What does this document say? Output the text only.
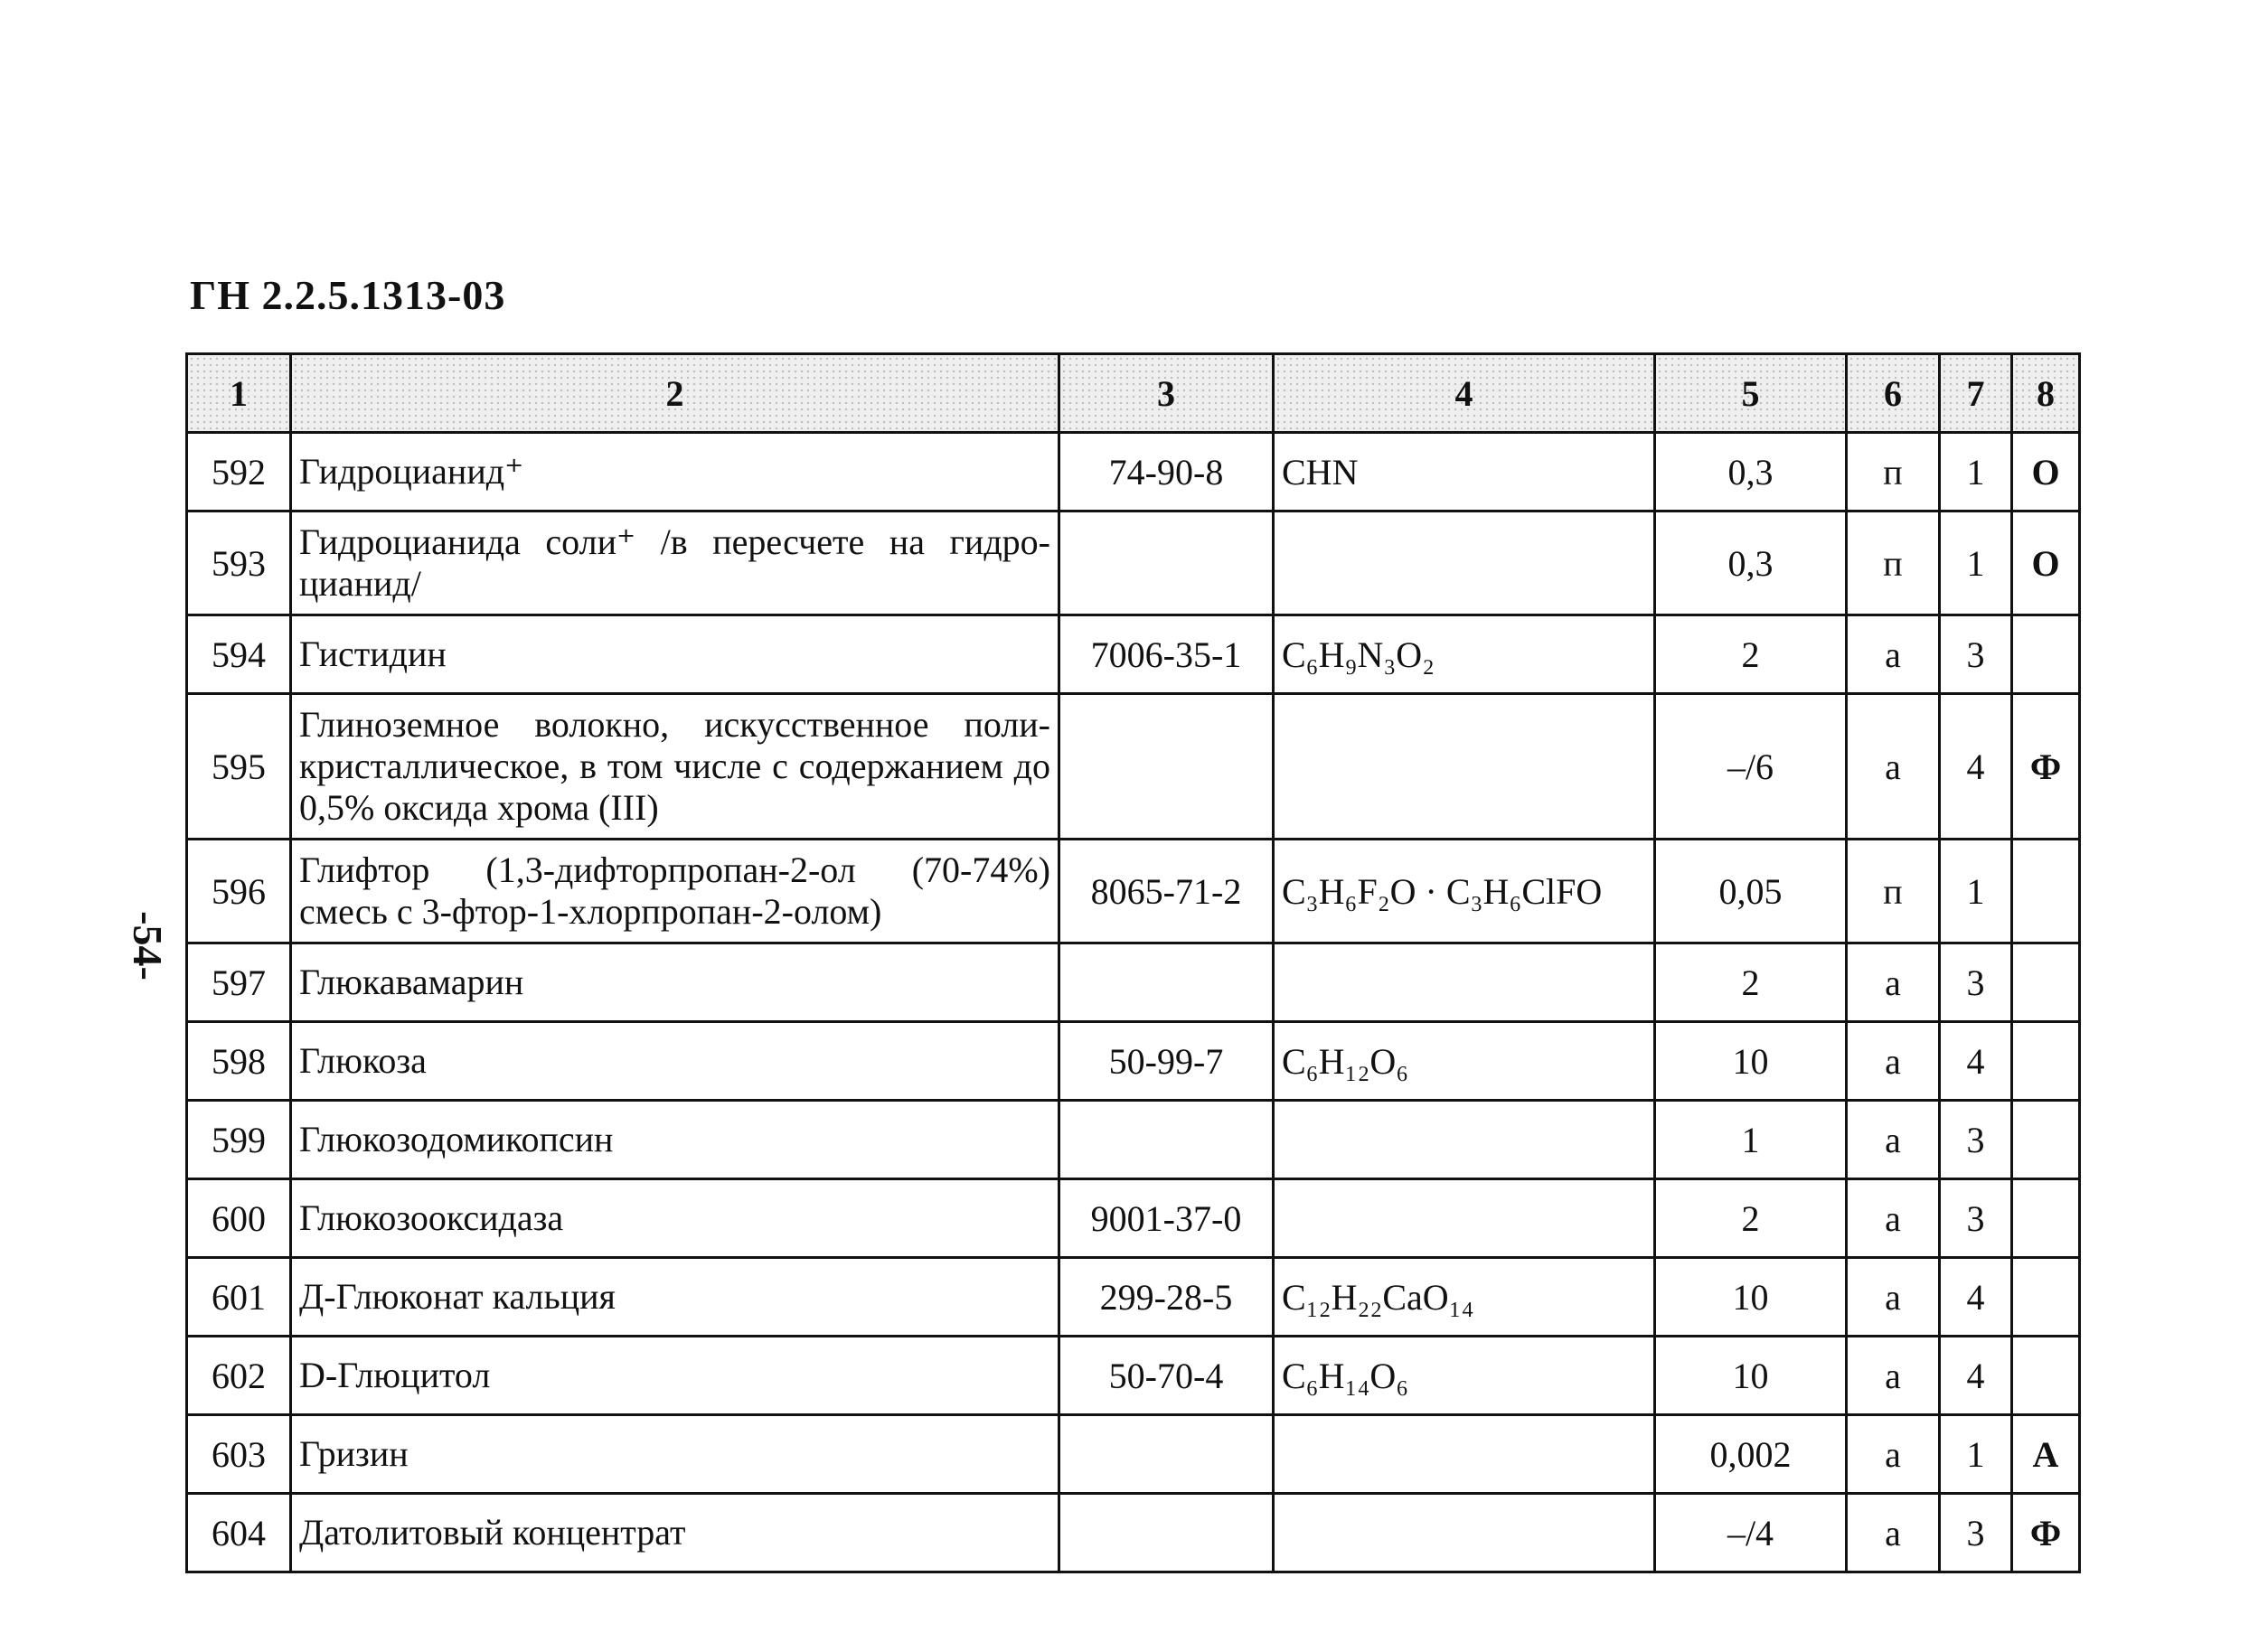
ГН 2.2.5.1313-03
-54-
1	2	3	4	5	6	7	8
592	Гидроцианид⁺	74-90-8	CHN	0,3	п	1	О
593	Гидроцианида соли⁺ /в пересчете на гидро-цианид/			0,3	п	1	О
594	Гистидин	7006-35-1	C₆H₉N₃O₂	2	а	3	
595	Глиноземное волокно, искусственное поли-кристаллическое, в том числе с содержанием до 0,5% оксида хрома (III)			–/6	а	4	Ф
596	Глифтор (1,3-дифторпропан-2-ол (70-74%) смесь с 3-фтор-1-хлорпропан-2-олом)	8065-71-2	C₃H₆F₂O · C₃H₆ClFO	0,05	п	1	
597	Глюкавамарин			2	а	3	
598	Глюкоза	50-99-7	C₆H₁₂O₆	10	а	4	
599	Глюкозодомикопсин			1	а	3	
600	Глюкозооксидаза	9001-37-0		2	а	3	
601	Д-Глюконат кальция	299-28-5	C₁₂H₂₂CaO₁₄	10	а	4	
602	D-Глюцитол	50-70-4	C₆H₁₄O₆	10	а	4	
603	Гризин			0,002	а	1	А
604	Датолитовый концентрат			–/4	а	3	Ф
